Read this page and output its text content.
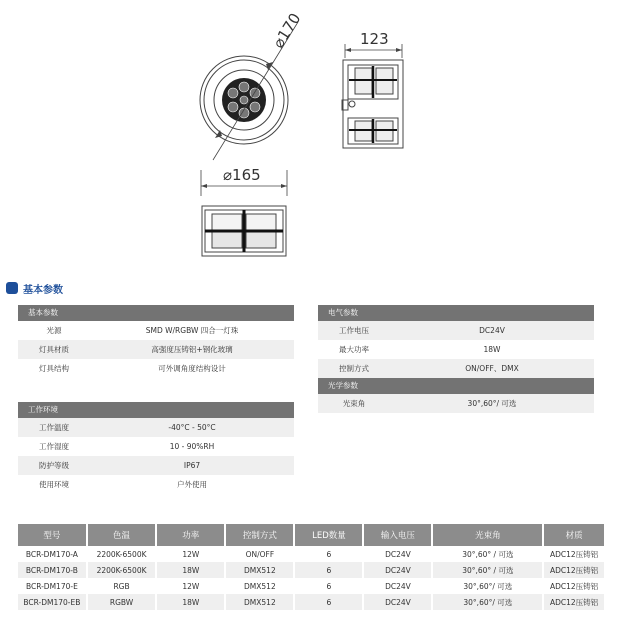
⌀170
⌀165
123
基本参数
基本参数
光源	SMD W/RGBW 四合一灯珠
灯具材质	高强度压铸铝+钢化玻璃
灯具结构	可外调角度结构设计
工作环境
工作温度	-40°C - 50°C
工作湿度	10 - 90%RH
防护等级	IP67
使用环境	户外使用
电气参数
工作电压	DC24V
最大功率	18W
控制方式	ON/OFF、DMX
光学参数
光束角	30°,60°/ 可选
型号	色温	功率	控制方式	LED数量	输入电压	光束角	材质
BCR-DM170-A	2200K-6500K	12W	ON/OFF	6	DC24V	30°,60° / 可选	ADC12压铸铝
BCR-DM170-B	2200K-6500K	18W	DMX512	6	DC24V	30°,60° / 可选	ADC12压铸铝
BCR-DM170-E	RGB	12W	DMX512	6	DC24V	30°,60°/ 可选	ADC12压铸铝
BCR-DM170-EB	RGBW	18W	DMX512	6	DC24V	30°,60°/ 可选	ADC12压铸铝
